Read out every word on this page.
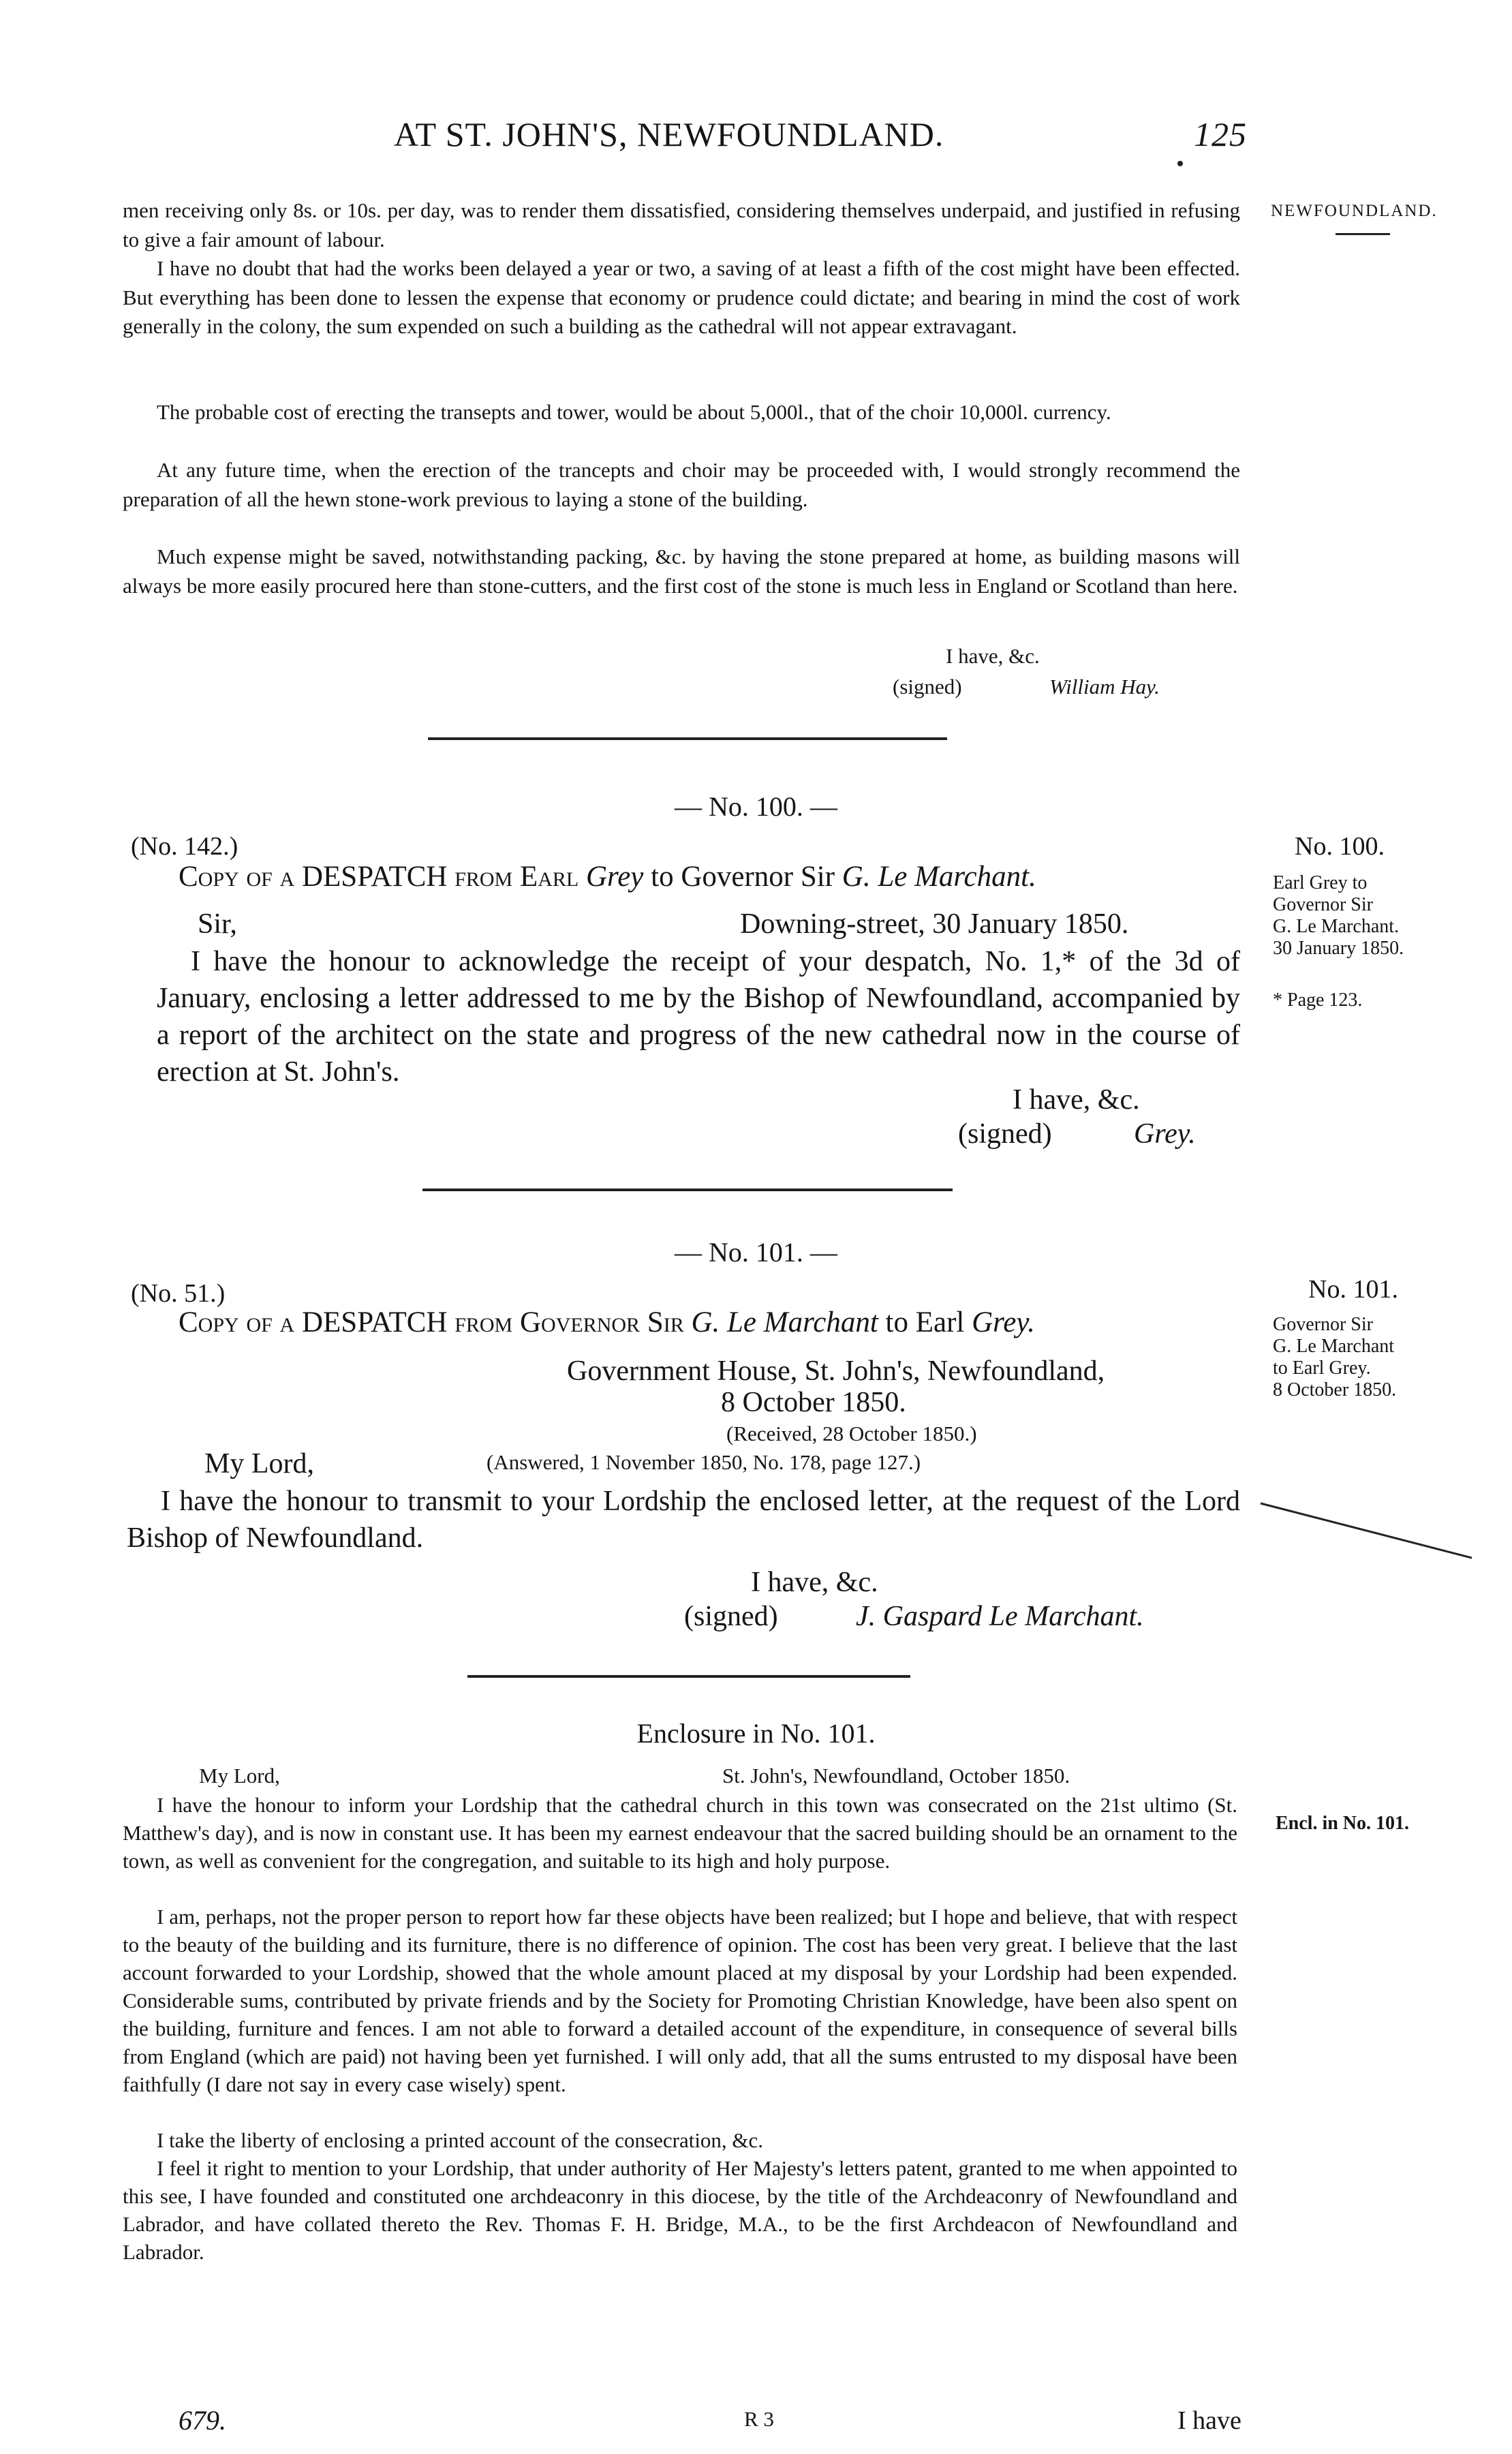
AT ST. JOHN'S, NEWFOUNDLAND.	125
NEWFOUNDLAND.

men receiving only 8s. or 10s. per day, was to render them dissatisfied, considering themselves underpaid, and justified in refusing to give a fair amount of labour.

I have no doubt that had the works been delayed a year or two, a saving of at least a fifth of the cost might have been effected. But everything has been done to lessen the expense that economy or prudence could dictate; and bearing in mind the cost of work generally in the colony, the sum expended on such a building as the cathedral will not appear extravagant.

The probable cost of erecting the transepts and tower, would be about 5,000l., that of the choir 10,000l. currency.

At any future time, when the erection of the trancepts and choir may be proceeded with, I would strongly recommend the preparation of all the hewn stone-work previous to laying a stone of the building.

Much expense might be saved, notwithstanding packing, &c. by having the stone prepared at home, as building masons will always be more easily procured here than stone-cutters, and the first cost of the stone is much less in England or Scotland than here.

I have, &c.
(signed)	William Hay.
— No. 100. —
(No. 142.)	No. 100.
Copy of a DESPATCH from Earl Grey to Governor Sir G. Le Marchant.	Earl Grey to
Governor Sir
G. Le Marchant.
30 January 1850.
Sir,	Downing-street, 30 January 1850.

I have the honour to acknowledge the receipt of your despatch, No. 1,* of the 3d of January, enclosing a letter addressed to me by the Bishop of Newfoundland, accompanied by a report of the architect on the state and progress of the new cathedral now in the course of erection at St. John's.

* Page 123.
I have, &c.
(signed)	Grey.
— No. 101. —
(No. 51.)	No. 101.
Copy of a DESPATCH from Governor Sir G. Le Marchant to Earl Grey.	Governor Sir
G. Le Marchant
to Earl Grey.
8 October 1850.
Government House, St. John's, Newfoundland,
8 October 1850.
(Received, 28 October 1850.)
My Lord,	(Answered, 1 November 1850, No. 178, page 127.)

I have the honour to transmit to your Lordship the enclosed letter, at the request of the Lord Bishop of Newfoundland.

I have, &c.
(signed)	J. Gaspard Le Marchant.
Enclosure in No. 101.
My Lord,	St. John's, Newfoundland, October 1850.
Encl. in No. 101.

I have the honour to inform your Lordship that the cathedral church in this town was consecrated on the 21st ultimo (St. Matthew's day), and is now in constant use. It has been my earnest endeavour that the sacred building should be an ornament to the town, as well as convenient for the congregation, and suitable to its high and holy purpose.

I am, perhaps, not the proper person to report how far these objects have been realized; but I hope and believe, that with respect to the beauty of the building and its furniture, there is no difference of opinion. The cost has been very great. I believe that the last account forwarded to your Lordship, showed that the whole amount placed at my disposal by your Lordship had been expended. Considerable sums, contributed by private friends and by the Society for Promoting Christian Knowledge, have been also spent on the building, furniture and fences. I am not able to forward a detailed account of the expenditure, in consequence of several bills from England (which are paid) not having been yet furnished. I will only add, that all the sums entrusted to my disposal have been faithfully (I dare not say in every case wisely) spent.

I take the liberty of enclosing a printed account of the consecration, &c.

I feel it right to mention to your Lordship, that under authority of Her Majesty's letters patent, granted to me when appointed to this see, I have founded and constituted one archdeaconry in this diocese, by the title of the Archdeaconry of Newfoundland and Labrador, and have collated thereto the Rev. Thomas F. H. Bridge, M.A., to be the first Archdeacon of Newfoundland and Labrador.

679.	R 3	I have
